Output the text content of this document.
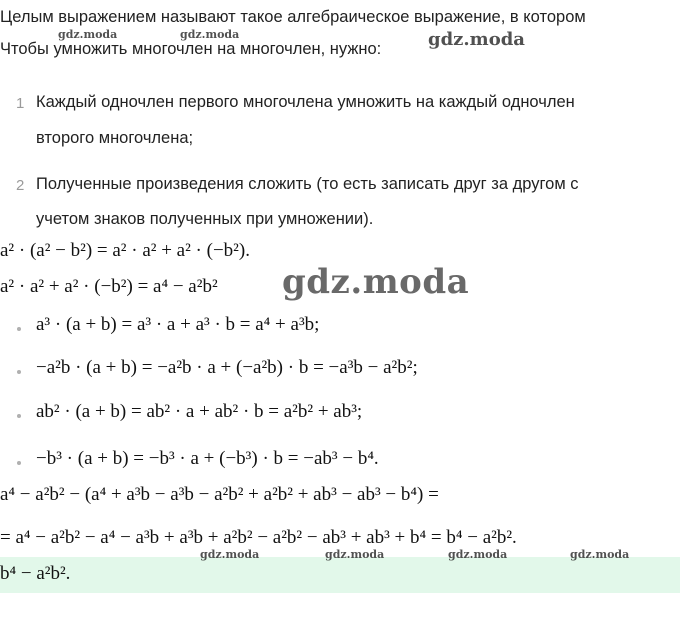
Целым выражением называют такое алгебраическое выражение, в котором
Чтобы умножить многочлен на многочлен, нужно:
1 Каждый одночлен первого многочлена умножить на каждый одночлен
второго многочлена;
2 Полученные произведения сложить (то есть записать друг за другом с
учетом знаков полученных при умножении).
a² · (a² − b²) = a² · a² + a² · (−b²).
a² · a² + a² · (−b²) = a⁴ − a²b²
a³ · (a + b) = a³ · a + a³ · b = a⁴ + a³b;
−a²b · (a + b) = −a²b · a + (−a²b) · b = −a³b − a²b²;
ab² · (a + b) = ab² · a + ab² · b = a²b² + ab³;
−b³ · (a + b) = −b³ · a + (−b³) · b = −ab³ − b⁴.
a⁴ − a²b² − (a⁴ + a³b − a³b − a²b² + a²b² + ab³ − ab³ − b⁴) =
= a⁴ − a²b² − a⁴ − a³b + a³b + a²b² − a²b² − ab³ + ab³ + b⁴ = b⁴ − a²b².
b⁴ − a²b².
gdz.moda	gdz.moda	gdz.moda
gdz.moda
gdz.moda	gdz.moda	gdz.moda	gdz.moda
